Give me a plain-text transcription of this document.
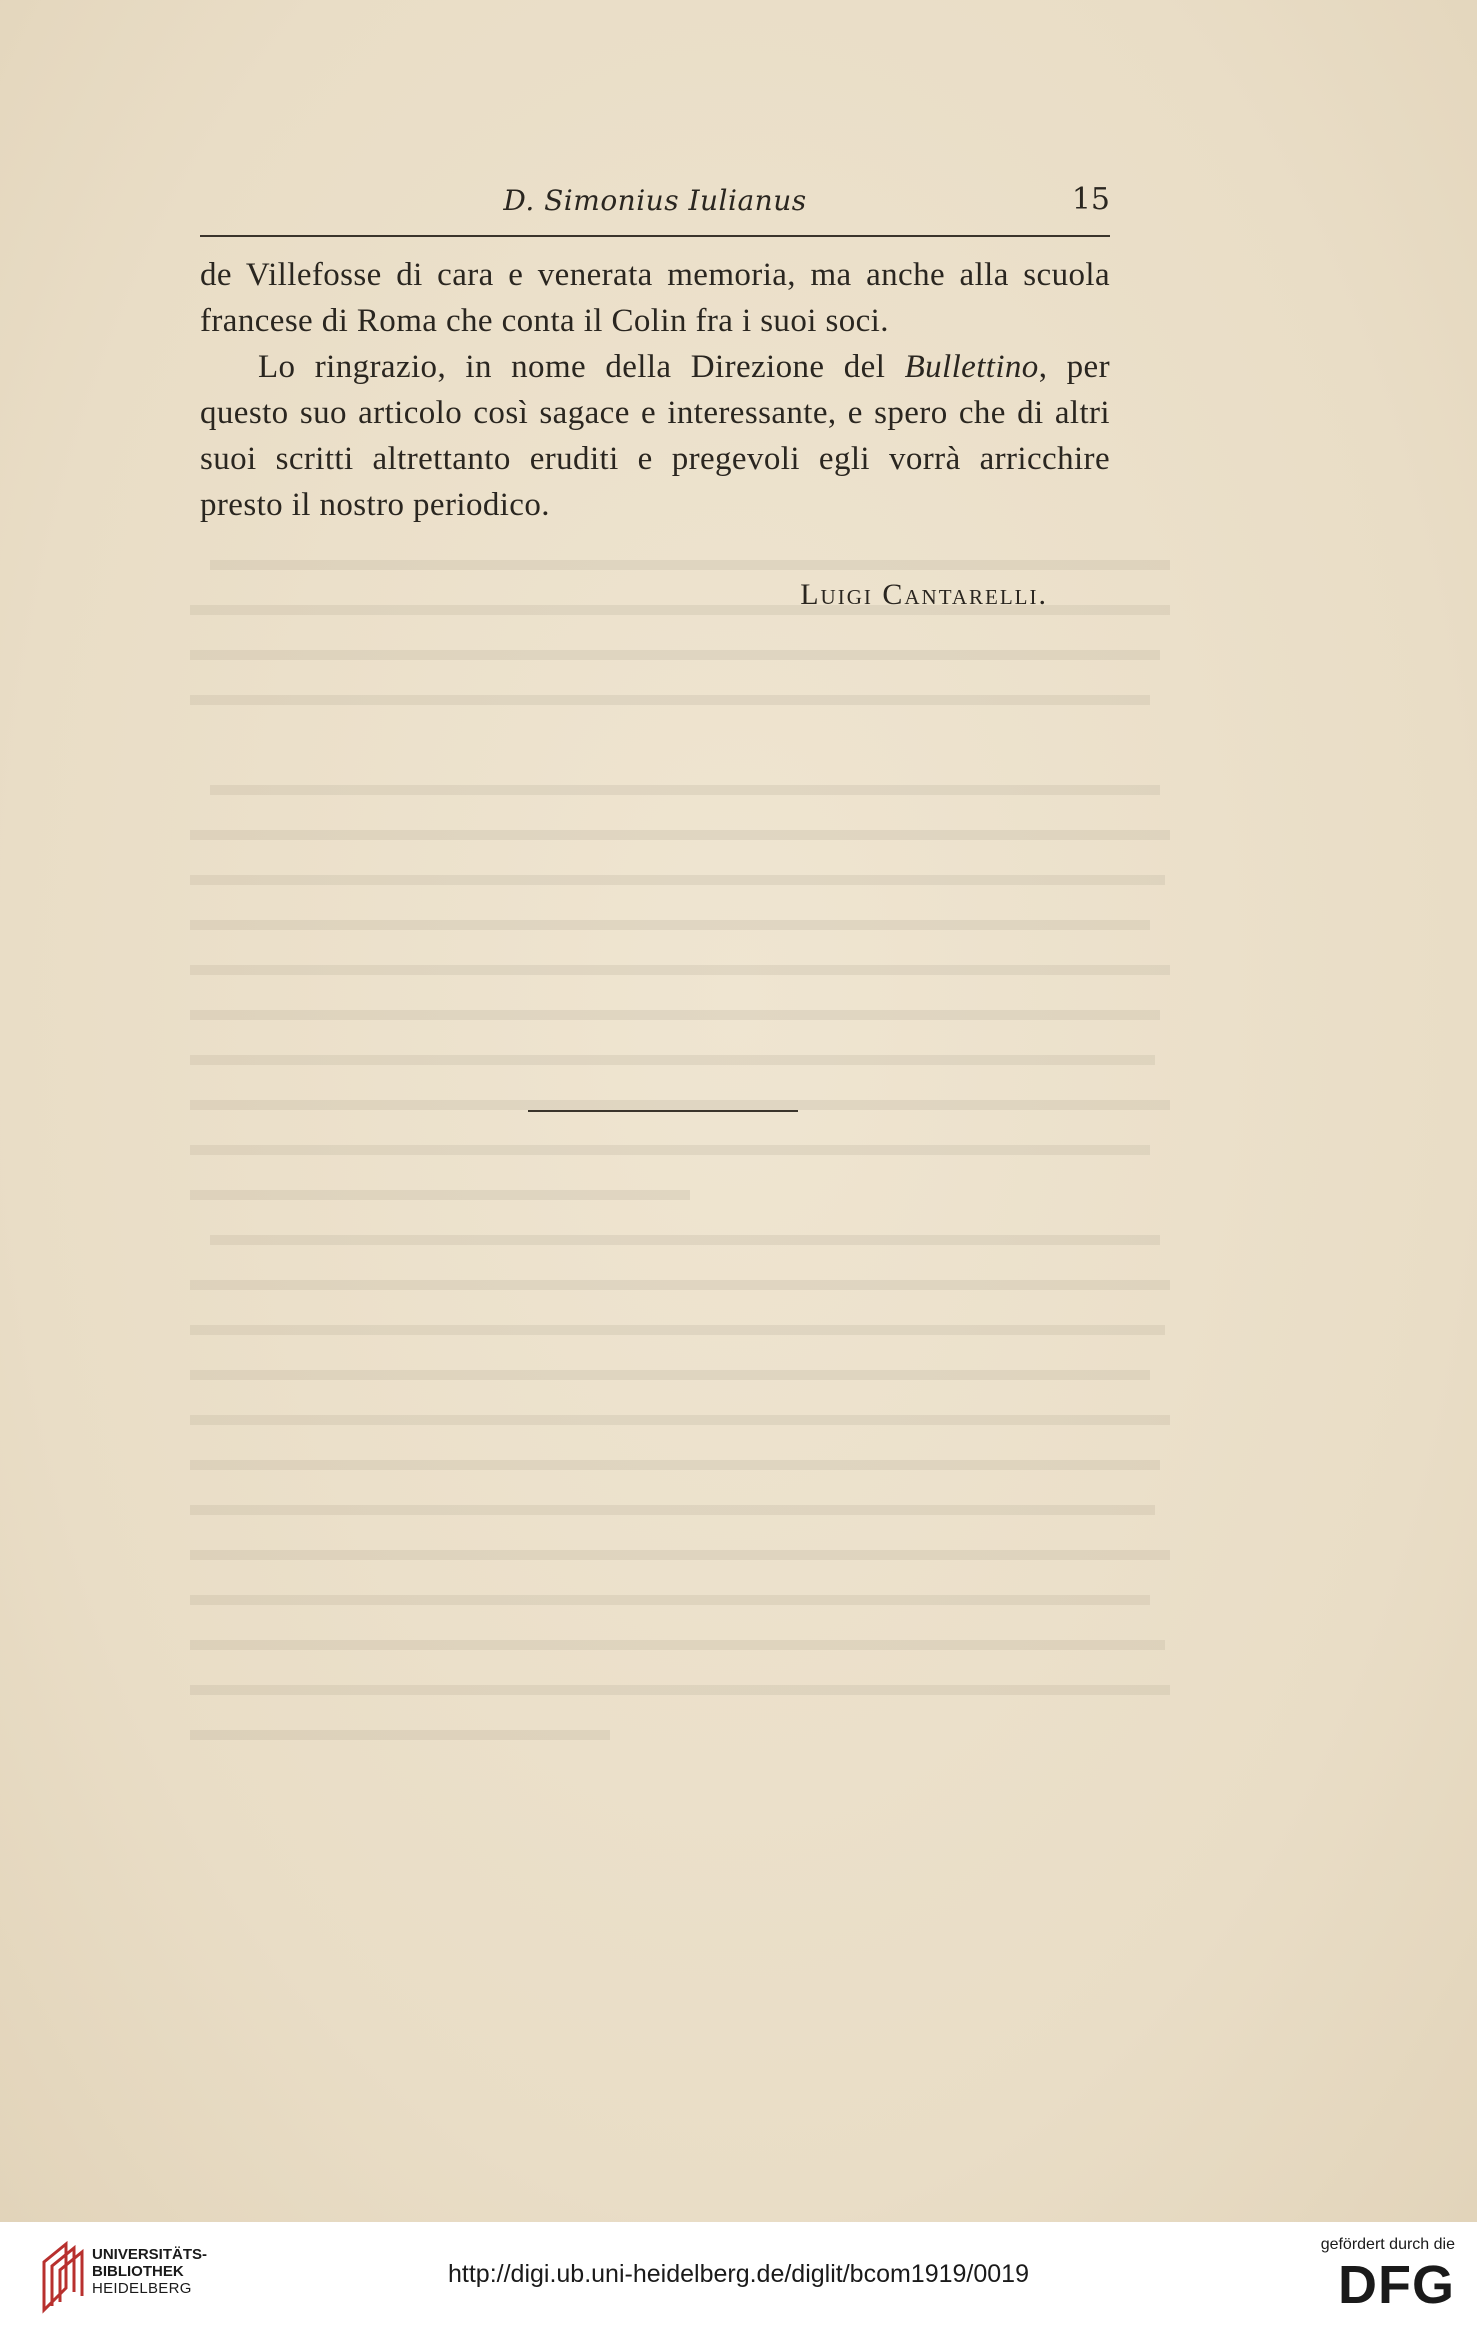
D. Simonius Iulianus	15

de Villefosse di cara e venerata memoria, ma anche alla scuola francese di Roma che conta il Colin fra i suoi soci.

Lo ringrazio, in nome della Direzione del Bullettino, per questo suo articolo così sagace e interessante, e spero che di altri suoi scritti altrettanto eruditi e pregevoli egli vorrà arricchire presto il nostro periodico.

Luigi Cantarelli.
UNIVERSITÄTS-
BIBLIOTHEK
HEIDELBERG
http://digi.ub.uni-heidelberg.de/diglit/bcom1919/0019
gefördert durch die
DFG
